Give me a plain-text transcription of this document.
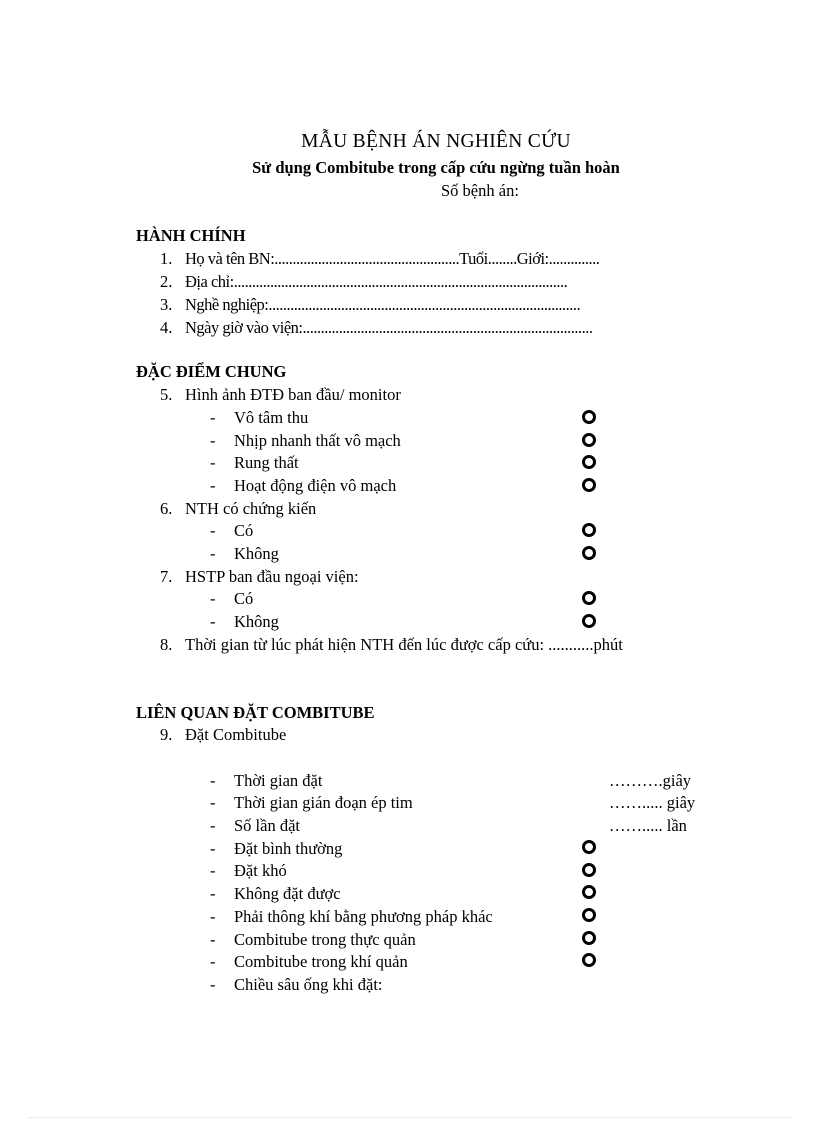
MẪU BỆNH ÁN NGHIÊN CỨU
Sử dụng Combitube trong cấp cứu ngừng tuần hoàn
Số bệnh án:
HÀNH CHÍNH
1. Họ và tên BN:...................................................Tuổi........Giới:..............
2. Địa chỉ:............................................................................................
3. Nghề nghiệp:......................................................................................
4. Ngày giờ vào viện:................................................................................
ĐẶC ĐIỂM CHUNG
5. Hình ảnh ĐTĐ ban đầu/ monitor
- Vô tâm thu
- Nhịp nhanh thất vô mạch
- Rung thất
- Hoạt động điện vô mạch
6. NTH có chứng kiến
- Có
- Không
7. HSTP ban đầu ngoại viện:
- Có
- Không
8. Thời gian từ lúc phát hiện NTH đến lúc được cấp cứu: ...........phút
LIÊN QUAN ĐẶT COMBITUBE
9. Đặt Combitube
- Thời gian đặt	……….giây
- Thời gian gián đoạn ép tim	……..... giây
- Số lần đặt	……..... lần
- Đặt bình thường
- Đặt khó
- Không đặt được
- Phải thông khí bằng phương pháp khác
- Combitube trong thực quản
- Combitube trong khí quản
- Chiều sâu ống khi đặt:
